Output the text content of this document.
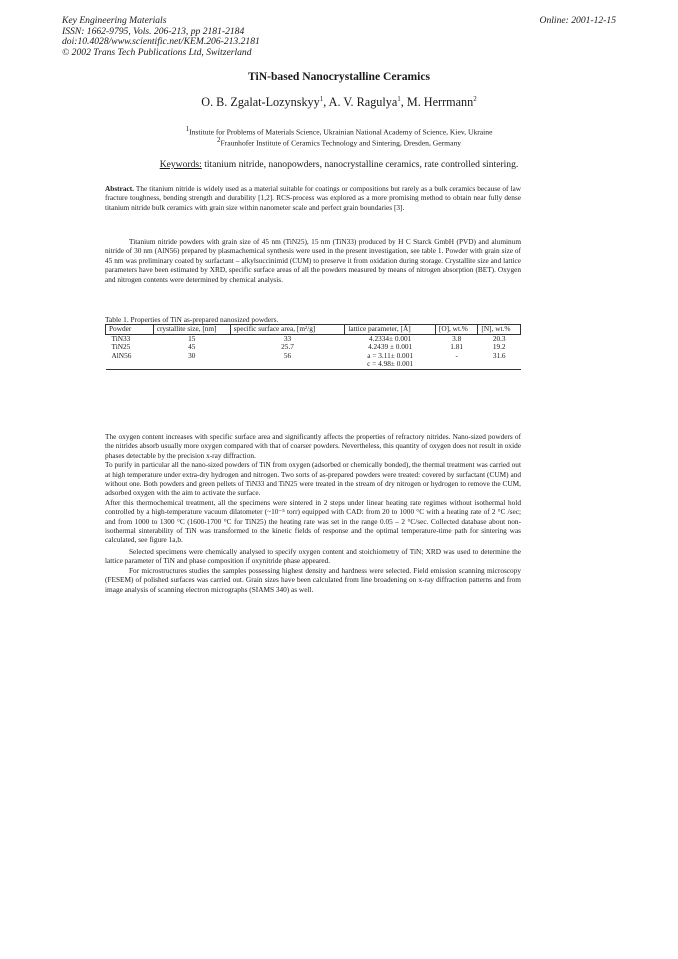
Key Engineering Materials
ISSN: 1662-9795, Vols. 206-213, pp 2181-2184
doi:10.4028/www.scientific.net/KEM.206-213.2181
© 2002 Trans Tech Publications Ltd, Switzerland
Online: 2001-12-15
TiN-based Nanocrystalline Ceramics
O. B. Zgalat-Lozynskyy$^1$, A. V. Ragulya$^1$, M. Herrmann$^2$
$^1$Institute for Problems of Materials Science, Ukrainian National Academy of Science, Kiev, Ukraine
$^2$Fraunhofer Institute of Ceramics Technology and Sintering, Dresden, Germany
Keywords: titanium nitride, nanopowders, nanocrystalline ceramics, rate controlled sintering.
Abstract. The titanium nitride is widely used as a material suitable for coatings or compositions but rarely as a bulk ceramics because of law fracture toughness, bending strength and durability [1,2]. RCS-process was explored as a more promising method to obtain near fully dense titanium nitride bulk ceramics with grain size within nanometer scale and perfect grain boundaries [3].
Titanium nitride powders with grain size of 45 nm (TiN25), 15 nm (TiN33) produced by H C Starck GmbH (PVD) and aluminum nitride of 30 nm (AlN56) prepared by plasmachemical synthesis were used in the present investigation, see table 1. Powder with grain size of 45 nm was preliminary coated by surfactant – alkylsuccinimid (CUM) to preserve it from oxidation during storage. Crystallite size and lattice parameters have been estimated by XRD, specific surface areas of all the powders measured by means of nitrogen absorption (BET). Oxygen and nitrogen contents were determined by chemical analysis.
Table 1. Properties of TiN as-prepared nanosized powders.
Powder	crystallite size, [nm]	specific surface area, [m²/g]	lattice parameter, [Å]	[O], wt.%	[N], wt.%
TiN33	15	33	4.2334± 0.001	3.8	20.3
TiN25	45	25.7	4.2439 ± 0.001	1.81	19.2
AlN56	30	56	a = 3.11± 0.001	-	31.6
			c = 4.98± 0.001		
The oxygen content increases with specific surface area and significantly affects the properties of refractory nitrides. Nano-sized powders of the nitrides absorb usually more oxygen compared with that of coarser powders. Nevertheless, this quantity of oxygen does not result in oxide phases detectable by the precision x-ray diffraction.
To purify in particular all the nano-sized powders of TiN from oxygen (adsorbed or chemically bonded), the thermal treatment was carried out at high temperature under extra-dry hydrogen and nitrogen. Two sorts of as-prepared powders were treated: covered by surfactant (CUM) and without one. Both powders and green pellets of TiN33 and TiN25 were treated in the stream of dry nitrogen or hydrogen to remove the CUM, adsorbed oxygen with the aim to activate the surface.
After this thermochemical treatment, all the specimens were sintered in 2 steps under linear heating rate regimes without isothermal hold controlled by a high-temperature vacuum dilatometer (~10⁻⁵ torr) equipped with CAD: from 20 to 1000 °C with a heating rate of 2 °C /sec; and from 1000 to 1300 °C (1600-1700 °C for TiN25) the heating rate was set in the range 0.05 – 2 °C/sec. Collected database about non-isothermal sinterability of TiN was transformed to the kinetic fields of response and the optimal temperature-time path for sintering was calculated, see figure 1a,b.
Selected specimens were chemically analysed to specify oxygen content and stoichiometry of TiN; XRD was used to determine the lattice parameter of TiN and phase composition if oxynitride phase appeared.
For microstructures studies the samples possessing highest density and hardness were selected. Field emission scanning microscopy (FESEM) of polished surfaces was carried out. Grain sizes have been calculated from line broadening on x-ray diffraction patterns and from image analysis of scanning electron micrographs (SIAMS 340) as well.
